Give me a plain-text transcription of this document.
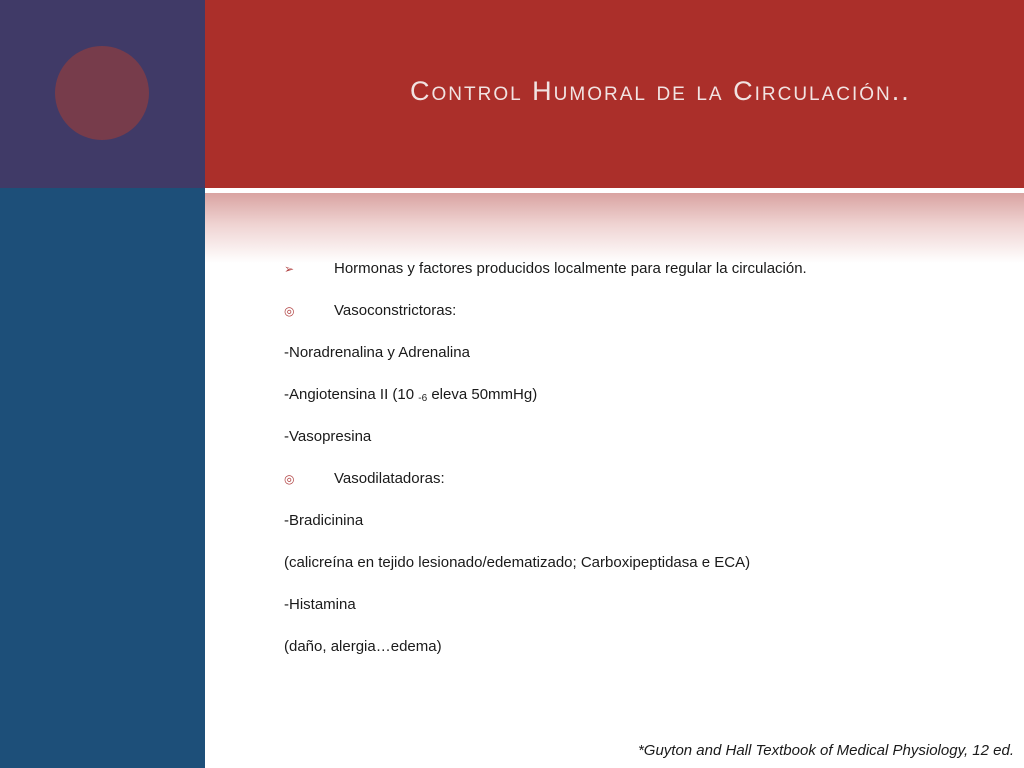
Control Humoral de la Circulación..
➢	Hormonas y factores producidos localmente para regular la circulación.
◎	Vasoconstrictoras:
-Noradrenalina y Adrenalina
-Angiotensina II (10 $_{-6}$ eleva 50mmHg)
-Vasopresina
◎	Vasodilatadoras:
-Bradicinina
(calicreína en tejido lesionado/edematizado; Carboxipeptidasa e ECA)
-Histamina
(daño, alergia…edema)
*Guyton and Hall Textbook of Medical Physiology, 12 ed.
